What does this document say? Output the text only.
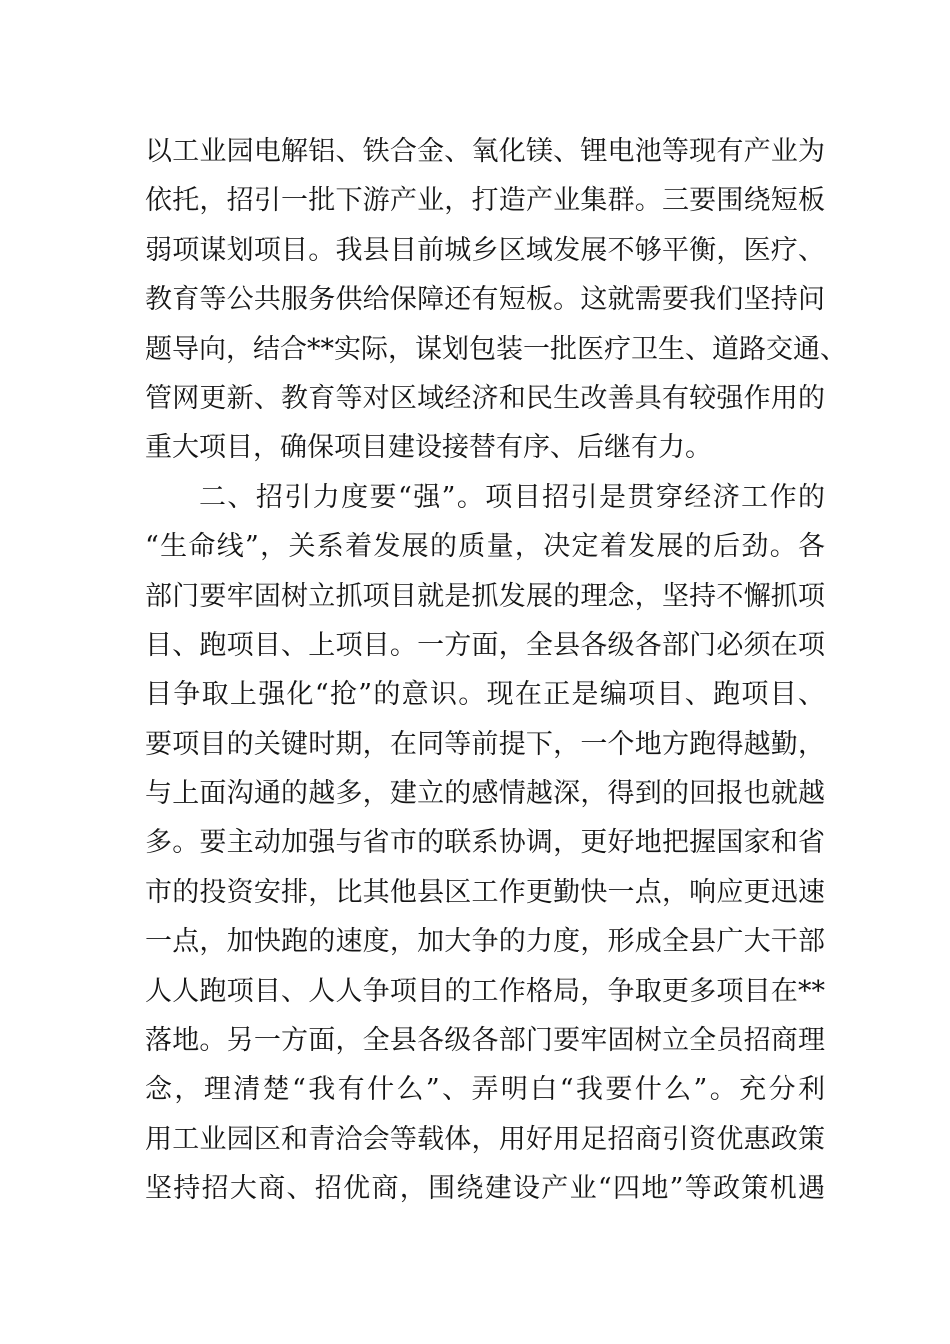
以工业园电解铝、铁合金、氧化镁、锂电池等现有产业为
依托，招引一批下游产业，打造产业集群。三要围绕短板
弱项谋划项目。我县目前城乡区域发展不够平衡，医疗、
教育等公共服务供给保障还有短板。这就需要我们坚持问
题导向，结合**实际，谋划包装一批医疗卫生、道路交通、
管网更新、教育等对区域经济和民生改善具有较强作用的
重大项目，确保项目建设接替有序、后继有力。
二、招引力度要“强”。项目招引是贯穿经济工作的
“生命线”，关系着发展的质量，决定着发展的后劲。各
部门要牢固树立抓项目就是抓发展的理念，坚持不懈抓项
目、跑项目、上项目。一方面，全县各级各部门必须在项
目争取上强化“抢”的意识。现在正是编项目、跑项目、
要项目的关键时期，在同等前提下，一个地方跑得越勤，
与上面沟通的越多，建立的感情越深，得到的回报也就越
多。要主动加强与省市的联系协调，更好地把握国家和省
市的投资安排，比其他县区工作更勤快一点，响应更迅速
一点，加快跑的速度，加大争的力度，形成全县广大干部
人人跑项目、人人争项目的工作格局，争取更多项目在**
落地。另一方面，全县各级各部门要牢固树立全员招商理
念，理清楚“我有什么”、弄明白“我要什么”。充分利
用工业园区和青洽会等载体，用好用足招商引资优惠政策
坚持招大商、招优商，围绕建设产业“四地”等政策机遇
